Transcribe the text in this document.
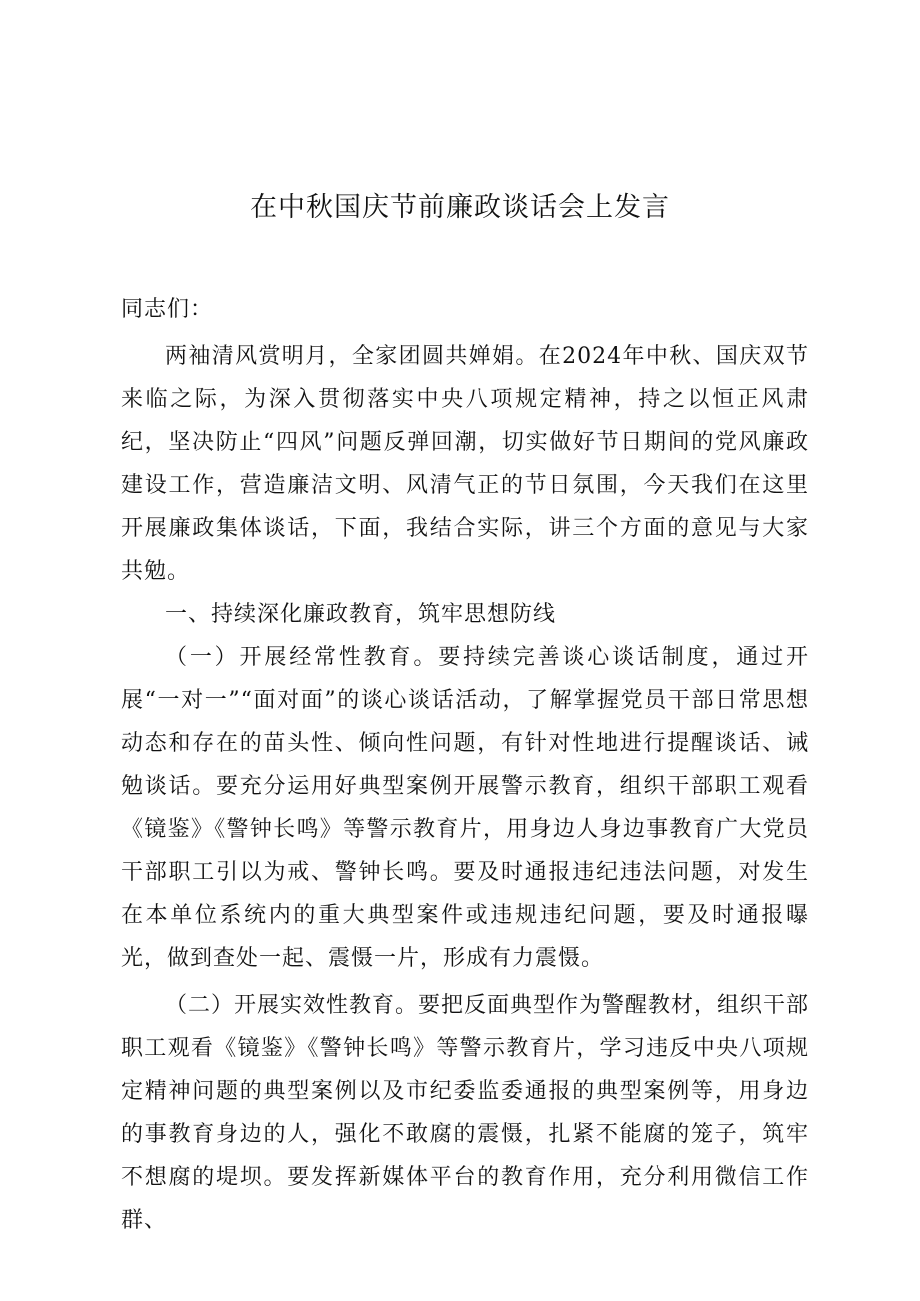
在中秋国庆节前廉政谈话会上发言

同志们：

两袖清风赏明月，全家团圆共婵娟。在2024年中秋、国庆双节来临之际，为深入贯彻落实中央八项规定精神，持之以恒正风肃纪，坚决防止“四风”问题反弹回潮，切实做好节日期间的党风廉政建设工作，营造廉洁文明、风清气正的节日氛围，今天我们在这里开展廉政集体谈话，下面，我结合实际，讲三个方面的意见与大家共勉。

一、持续深化廉政教育，筑牢思想防线

（一）开展经常性教育。要持续完善谈心谈话制度，通过开展“一对一”“面对面”的谈心谈话活动，了解掌握党员干部日常思想动态和存在的苗头性、倾向性问题，有针对性地进行提醒谈话、诫勉谈话。要充分运用好典型案例开展警示教育，组织干部职工观看《镜鉴》《警钟长鸣》等警示教育片，用身边人身边事教育广大党员干部职工引以为戒、警钟长鸣。要及时通报违纪违法问题，对发生在本单位系统内的重大典型案件或违规违纪问题，要及时通报曝光，做到查处一起、震慑一片，形成有力震慑。

（二）开展实效性教育。要把反面典型作为警醒教材，组织干部职工观看《镜鉴》《警钟长鸣》等警示教育片，学习违反中央八项规定精神问题的典型案例以及市纪委监委通报的典型案例等，用身边的事教育身边的人，强化不敢腐的震慑，扎紧不能腐的笼子，筑牢不想腐的堤坝。要发挥新媒体平台的教育作用，充分利用微信工作群、
